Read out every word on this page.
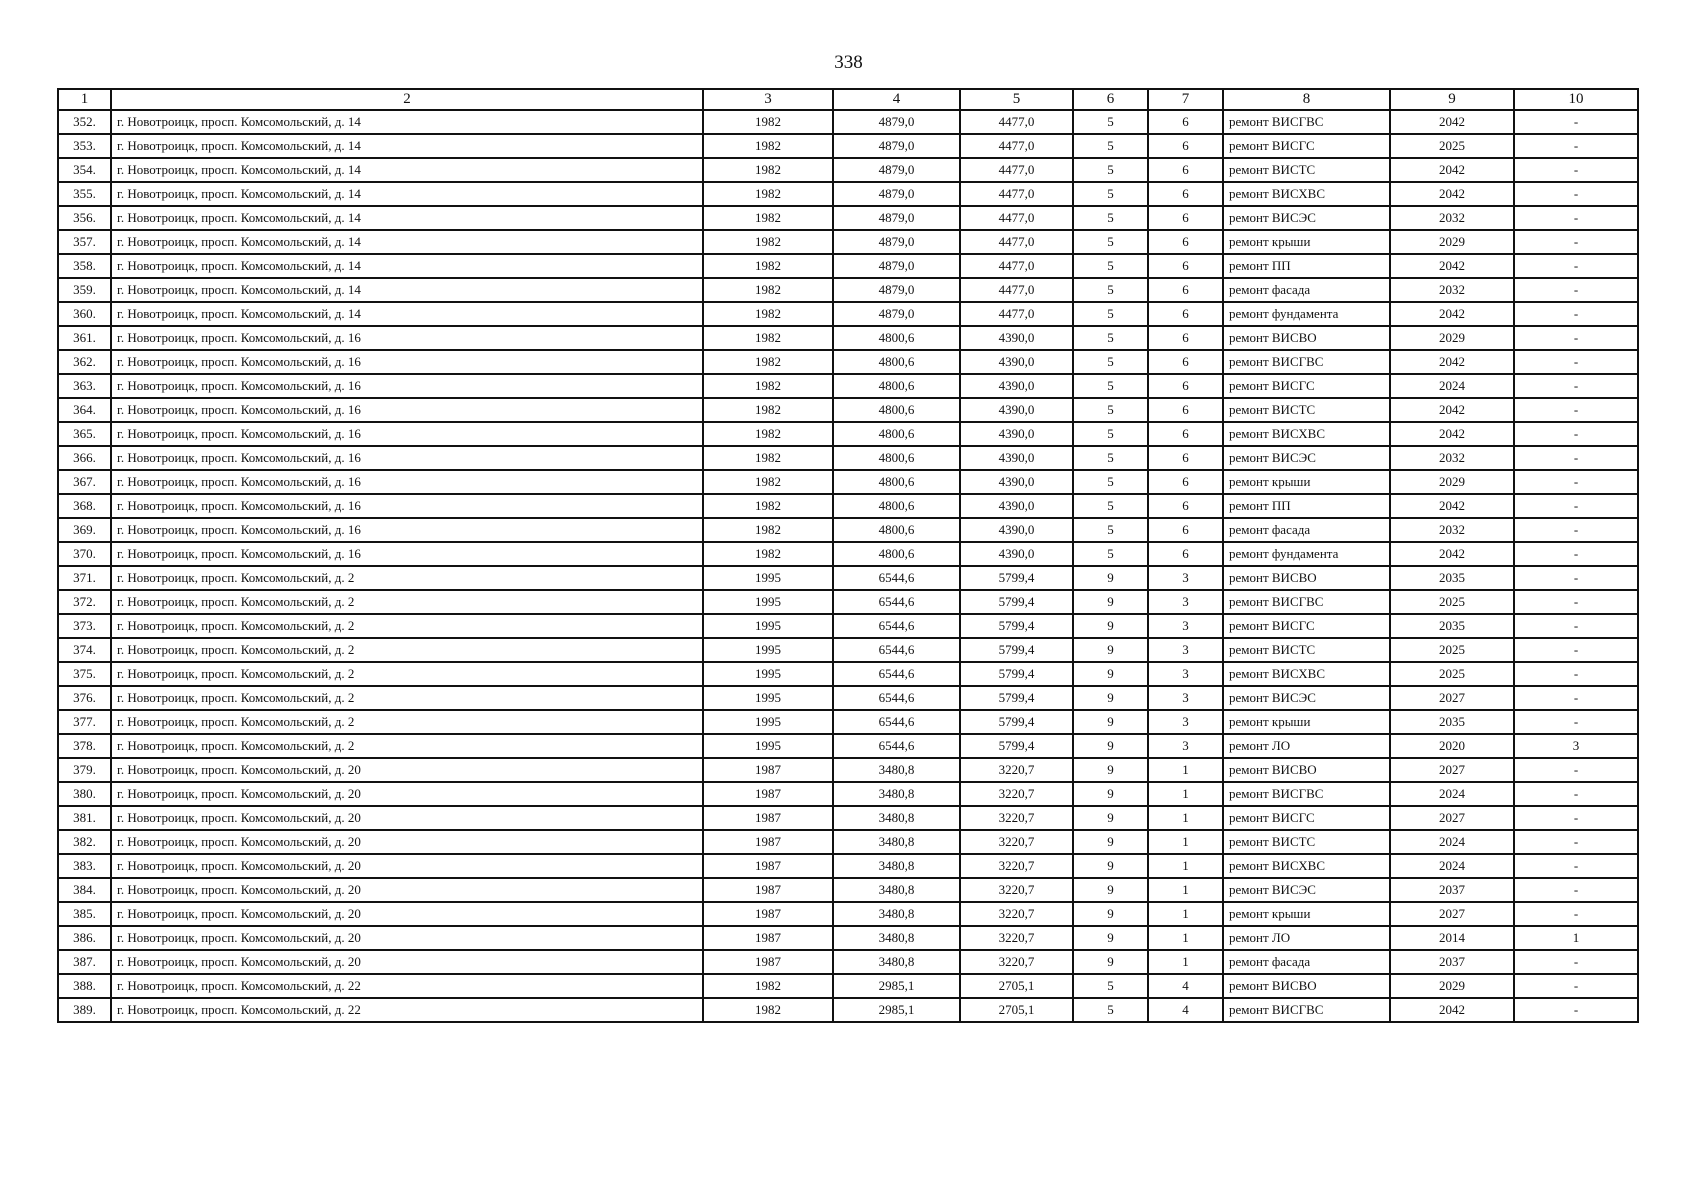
338
1	2	3	4	5	6	7	8	9	10
352.	г. Новотроицк, просп. Комсомольский, д. 14	1982	4879,0	4477,0	5	6	ремонт ВИСГВС	2042	-
353.	г. Новотроицк, просп. Комсомольский, д. 14	1982	4879,0	4477,0	5	6	ремонт ВИСГС	2025	-
354.	г. Новотроицк, просп. Комсомольский, д. 14	1982	4879,0	4477,0	5	6	ремонт ВИСТС	2042	-
355.	г. Новотроицк, просп. Комсомольский, д. 14	1982	4879,0	4477,0	5	6	ремонт ВИСХВС	2042	-
356.	г. Новотроицк, просп. Комсомольский, д. 14	1982	4879,0	4477,0	5	6	ремонт ВИСЭС	2032	-
357.	г. Новотроицк, просп. Комсомольский, д. 14	1982	4879,0	4477,0	5	6	ремонт крыши	2029	-
358.	г. Новотроицк, просп. Комсомольский, д. 14	1982	4879,0	4477,0	5	6	ремонт ПП	2042	-
359.	г. Новотроицк, просп. Комсомольский, д. 14	1982	4879,0	4477,0	5	6	ремонт фасада	2032	-
360.	г. Новотроицк, просп. Комсомольский, д. 14	1982	4879,0	4477,0	5	6	ремонт фундамента	2042	-
361.	г. Новотроицк, просп. Комсомольский, д. 16	1982	4800,6	4390,0	5	6	ремонт ВИСВО	2029	-
362.	г. Новотроицк, просп. Комсомольский, д. 16	1982	4800,6	4390,0	5	6	ремонт ВИСГВС	2042	-
363.	г. Новотроицк, просп. Комсомольский, д. 16	1982	4800,6	4390,0	5	6	ремонт ВИСГС	2024	-
364.	г. Новотроицк, просп. Комсомольский, д. 16	1982	4800,6	4390,0	5	6	ремонт ВИСТС	2042	-
365.	г. Новотроицк, просп. Комсомольский, д. 16	1982	4800,6	4390,0	5	6	ремонт ВИСХВС	2042	-
366.	г. Новотроицк, просп. Комсомольский, д. 16	1982	4800,6	4390,0	5	6	ремонт ВИСЭС	2032	-
367.	г. Новотроицк, просп. Комсомольский, д. 16	1982	4800,6	4390,0	5	6	ремонт крыши	2029	-
368.	г. Новотроицк, просп. Комсомольский, д. 16	1982	4800,6	4390,0	5	6	ремонт ПП	2042	-
369.	г. Новотроицк, просп. Комсомольский, д. 16	1982	4800,6	4390,0	5	6	ремонт фасада	2032	-
370.	г. Новотроицк, просп. Комсомольский, д. 16	1982	4800,6	4390,0	5	6	ремонт фундамента	2042	-
371.	г. Новотроицк, просп. Комсомольский, д. 2	1995	6544,6	5799,4	9	3	ремонт ВИСВО	2035	-
372.	г. Новотроицк, просп. Комсомольский, д. 2	1995	6544,6	5799,4	9	3	ремонт ВИСГВС	2025	-
373.	г. Новотроицк, просп. Комсомольский, д. 2	1995	6544,6	5799,4	9	3	ремонт ВИСГС	2035	-
374.	г. Новотроицк, просп. Комсомольский, д. 2	1995	6544,6	5799,4	9	3	ремонт ВИСТС	2025	-
375.	г. Новотроицк, просп. Комсомольский, д. 2	1995	6544,6	5799,4	9	3	ремонт ВИСХВС	2025	-
376.	г. Новотроицк, просп. Комсомольский, д. 2	1995	6544,6	5799,4	9	3	ремонт ВИСЭС	2027	-
377.	г. Новотроицк, просп. Комсомольский, д. 2	1995	6544,6	5799,4	9	3	ремонт крыши	2035	-
378.	г. Новотроицк, просп. Комсомольский, д. 2	1995	6544,6	5799,4	9	3	ремонт ЛО	2020	3
379.	г. Новотроицк, просп. Комсомольский, д. 20	1987	3480,8	3220,7	9	1	ремонт ВИСВО	2027	-
380.	г. Новотроицк, просп. Комсомольский, д. 20	1987	3480,8	3220,7	9	1	ремонт ВИСГВС	2024	-
381.	г. Новотроицк, просп. Комсомольский, д. 20	1987	3480,8	3220,7	9	1	ремонт ВИСГС	2027	-
382.	г. Новотроицк, просп. Комсомольский, д. 20	1987	3480,8	3220,7	9	1	ремонт ВИСТС	2024	-
383.	г. Новотроицк, просп. Комсомольский, д. 20	1987	3480,8	3220,7	9	1	ремонт ВИСХВС	2024	-
384.	г. Новотроицк, просп. Комсомольский, д. 20	1987	3480,8	3220,7	9	1	ремонт ВИСЭС	2037	-
385.	г. Новотроицк, просп. Комсомольский, д. 20	1987	3480,8	3220,7	9	1	ремонт крыши	2027	-
386.	г. Новотроицк, просп. Комсомольский, д. 20	1987	3480,8	3220,7	9	1	ремонт ЛО	2014	1
387.	г. Новотроицк, просп. Комсомольский, д. 20	1987	3480,8	3220,7	9	1	ремонт фасада	2037	-
388.	г. Новотроицк, просп. Комсомольский, д. 22	1982	2985,1	2705,1	5	4	ремонт ВИСВО	2029	-
389.	г. Новотроицк, просп. Комсомольский, д. 22	1982	2985,1	2705,1	5	4	ремонт ВИСГВС	2042	-
